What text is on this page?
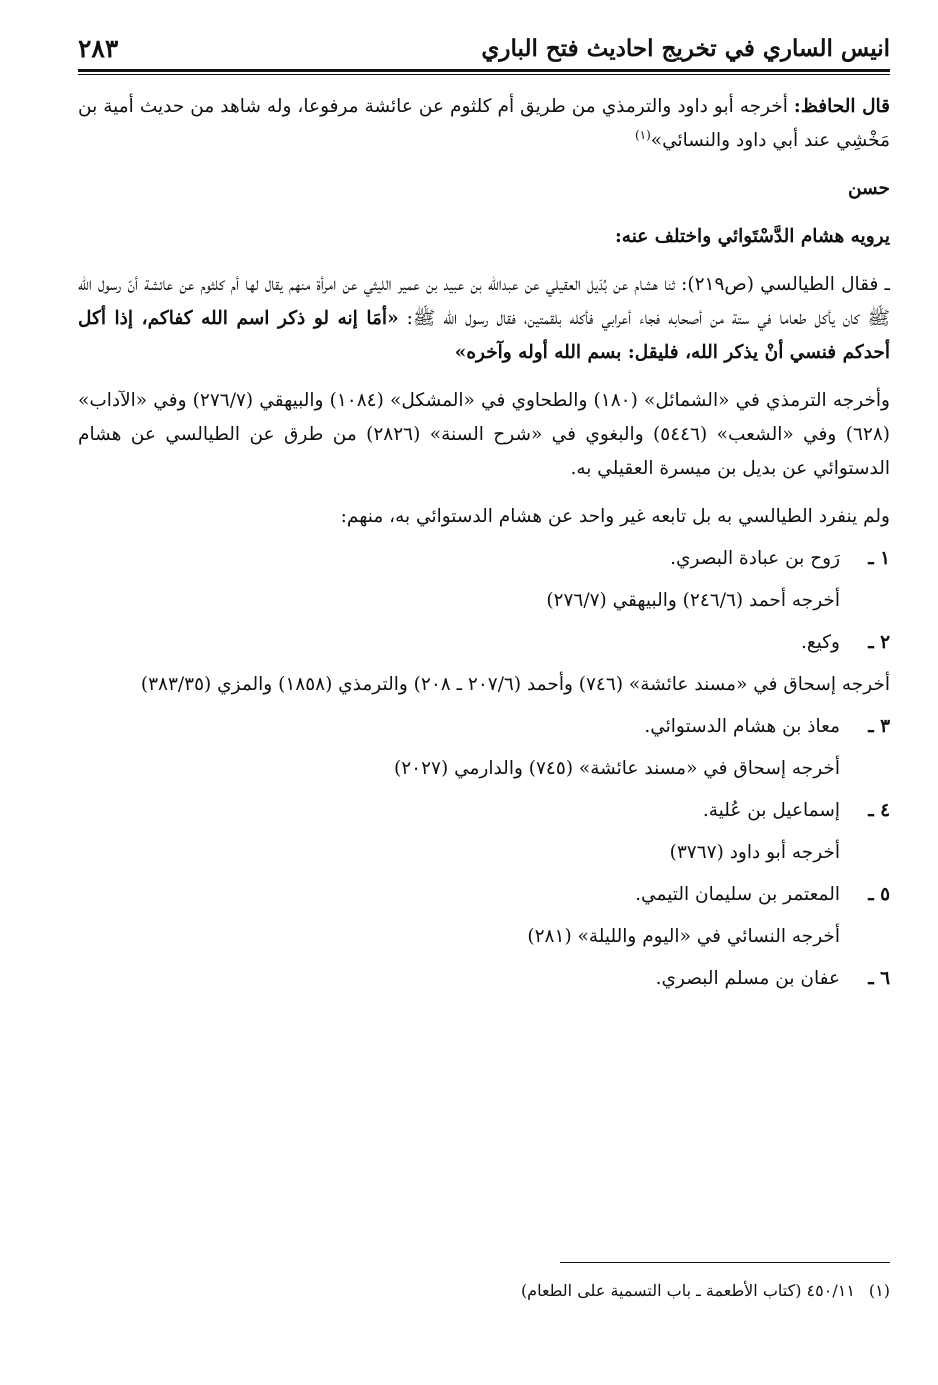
انيس الساري في تخريج احاديث فتح الباري
٢٨٣

قال الحافظ: أخرجه أبو داود والترمذي من طريق أم كلثوم عن عائشة مرفوعا، وله شاهد من حديث أمية بن مَخْشِي عند أبي داود والنسائي»$^{(١)}$

حسن

يرويه هشام الدَّسْتَوائي واختلف عنه:

ـ فقال الطيالسي (ص٢١٩): ثنا هشام عن بُدَيل العقيلي عن عبدالله بن عبيد بن عمير الليثي عن امرأة منهم يقال لها أم كلثوم عن عائشة أنّ رسول الله ﷺ كان يأكل طعاما في ستة من أصحابه فجاء أعرابي فأكله بلقمتين، فقال رسول الله ﷺ: «أمَا إنه لو ذكر اسم الله كفاكم، إذا أكل أحدكم فنسي أنْ يذكر الله، فليقل: بسم الله أوله وآخره»

وأخرجه الترمذي في «الشمائل» (١٨٠) والطحاوي في «المشكل» (١٠٨٤) والبيهقي (٢٧٦/٧) وفي «الآداب» (٦٢٨) وفي «الشعب» (٥٤٤٦) والبغوي في «شرح السنة» (٢٨٢٦) من طرق عن الطيالسي عن هشام الدستوائي عن بديل بن ميسرة العقيلي به.

ولم ينفرد الطيالسي به بل تابعه غير واحد عن هشام الدستوائي به، منهم:

١ ـرَوح بن عبادة البصري.

أخرجه أحمد (٢٤٦/٦) والبيهقي (٢٧٦/٧)

٢ ـوكيع.

أخرجه إسحاق في «مسند عائشة» (٧٤٦) وأحمد (٢٠٧/٦ ـ ٢٠٨) والترمذي (١٨٥٨) والمزي (٣٨٣/٣٥)

٣ ـمعاذ بن هشام الدستوائي.

أخرجه إسحاق في «مسند عائشة» (٧٤٥) والدارمي (٢٠٢٧)

٤ ـإسماعيل بن عُلية.

أخرجه أبو داود (٣٧٦٧)

٥ ـالمعتمر بن سليمان التيمي.

أخرجه النسائي في «اليوم والليلة» (٢٨١)

٦ ـعفان بن مسلم البصري.
(١)٤٥٠/١١ (كتاب الأطعمة ـ باب التسمية على الطعام)
